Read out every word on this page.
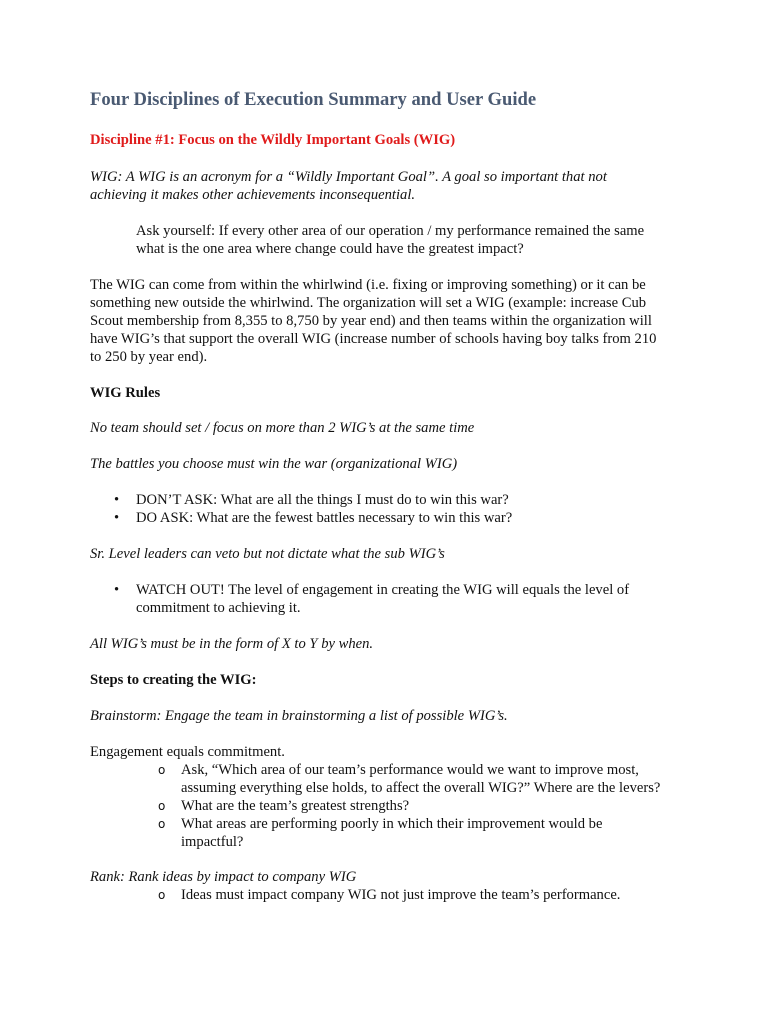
Four Disciplines of Execution Summary and User Guide
Discipline #1: Focus on the Wildly Important Goals (WIG)
WIG: A WIG is an acronym for a “Wildly Important Goal”. A goal so important that not
achieving it makes other achievements inconsequential.
Ask yourself: If every other area of our operation / my performance remained the same
what is the one area where change could have the greatest impact?
The WIG can come from within the whirlwind (i.e. fixing or improving something) or it can be
something new outside the whirlwind. The organization will set a WIG (example: increase Cub
Scout membership from 8,355 to 8,750 by year end) and then teams within the organization will
have WIG’s that support the overall WIG (increase number of schools having boy talks from 210
to 250 by year end).
WIG Rules
No team should set / focus on more than 2 WIG’s at the same time
The battles you choose must win the war (organizational WIG)
• DON’T ASK: What are all the things I must do to win this war?
• DO ASK: What are the fewest battles necessary to win this war?
Sr. Level leaders can veto but not dictate what the sub WIG’s
• WATCH OUT! The level of engagement in creating the WIG will equals the level of
commitment to achieving it.
All WIG’s must be in the form of X to Y by when.
Steps to creating the WIG:
Brainstorm: Engage the team in brainstorming a list of possible WIG’s.
Engagement equals commitment.
o Ask, “Which area of our team’s performance would we want to improve most,
assuming everything else holds, to affect the overall WIG?” Where are the levers?
o What are the team’s greatest strengths?
o What areas are performing poorly in which their improvement would be
impactful?
Rank: Rank ideas by impact to company WIG
o Ideas must impact company WIG not just improve the team’s performance.
